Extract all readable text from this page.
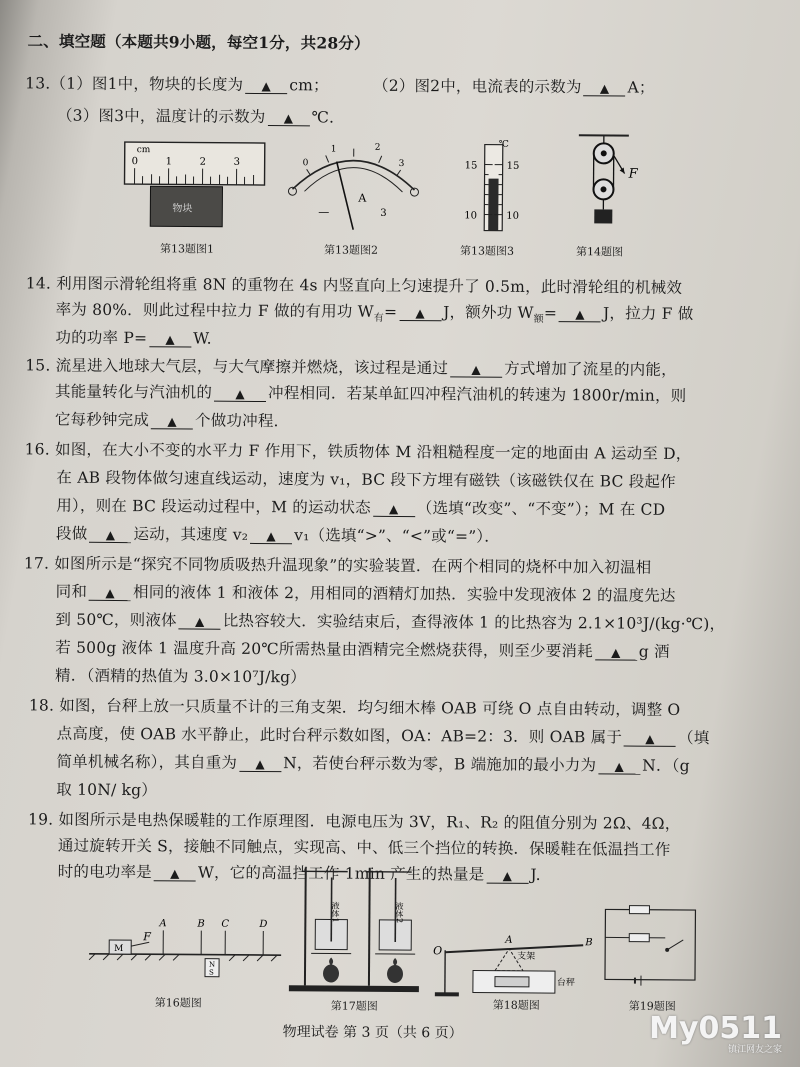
二、填空题（本题共9小题，每空1分，共28分）
13.（1）图1中，物块的长度为 ▲ cm；	（2）图2中，电流表的示数为 ▲ A；
（3）图3中，温度计的示数为 ▲ ℃.
cm
0	1	2	3
物块
0
1	2
3
A
—	3
℃
15	15
10	10
F
第13题图1	第13题图2	第13题图3	第14题图
14. 利用图示滑轮组将重 8N 的重物在 4s 内竖直向上匀速提升了 0.5m，此时滑轮组的机械效
率为 80%．则此过程中拉力 F 做的有用功 $W_有=$ ▲ J，额外功 $W_额=$ ▲ J，拉力 F 做
功的功率 P= ▲ W.
15. 流星进入地球大气层，与大气摩擦并燃烧，该过程是通过 ▲ 方式增加了流星的内能，
其能量转化与汽油机的 ▲ 冲程相同．若某单缸四冲程汽油机的转速为 1800r/min，则
它每秒钟完成 ▲ 个做功冲程.
16. 如图，在大小不变的水平力 F 作用下，铁质物体 M 沿粗糙程度一定的地面由 A 运动至 D，
在 AB 段物体做匀速直线运动，速度为 v₁，BC 段下方埋有磁铁（该磁铁仅在 BC 段起作
用），则在 BC 段运动过程中，M 的运动状态 ▲ （选填“改变”、“不变”）；M 在 CD
段做 ▲ 运动，其速度 v₂ ▲ v₁（选填“>”、“<”或“=”）．
17. 如图所示是“探究不同物质吸热升温现象”的实验装置．在两个相同的烧杯中加入初温相
同和 ▲ 相同的液体 1 和液体 2，用相同的酒精灯加热．实验中发现液体 2 的温度先达
到 50℃，则液体 ▲ 比热容较大．实验结束后，查得液体 1 的比热容为 2.1×10³J/(kg·℃)，
若 500g 液体 1 温度升高 20℃所需热量由酒精完全燃烧获得，则至少要消耗 ▲ g 酒
精．（酒精的热值为 3.0×10⁷J/kg）
18. 如图，台秤上放一只质量不计的三角支架．均匀细木棒 OAB 可绕 O 点自由转动，调整 O
点高度，使 OAB 水平静止，此时台秤示数如图，OA：AB=2：3．则 OAB 属于 ▲ （填
简单机械名称），其自重为 ▲ N，若使台秤示数为零，B 端施加的最小力为 ▲ N．（g
取 10N/ kg）
19. 如图所示是电热保暖鞋的工作原理图．电源电压为 3V，R₁、R₂ 的阻值分别为 2Ω、4Ω，
通过旋转开关 S，接触不同触点，实现高、中、低三个挡位的转换．保暖鞋在低温挡工作
时的电功率是 ▲ W，它的高温挡工作 1min 产生的热量是 ▲ J.
M
F
A	B C	D
N
S
液体1	液体2
O
A	B
支架
台秤
第16题图	第17题图	第18题图	第19题图
物理试卷 第 3 页（共 6 页）	My0511
镇江网友之家
